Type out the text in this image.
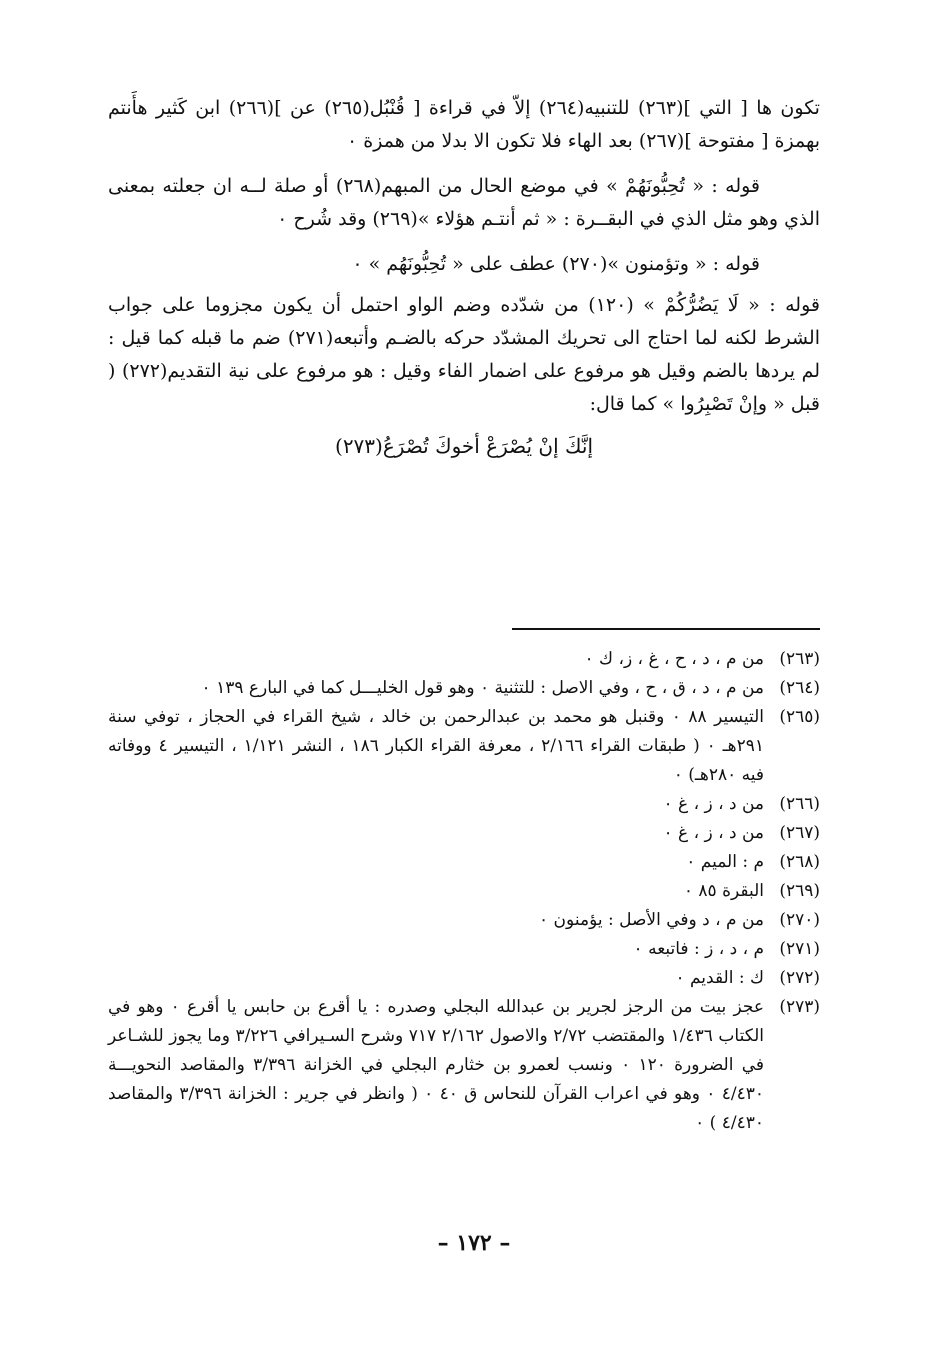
تكون ها [ التي ](٢٦٣) للتنبيه(٢٦٤) إلاّ في قراءة [ قُنْبُل(٢٦٥) عن ](٢٦٦) ابن كَثير هأَنتم بهمزة [ مفتوحة ](٢٦٧) بعد الهاء فلا تكون الا بدلا من همزة ٠

قوله : « تُحِبُّونَهُمْ » في موضع الحال من المبهم(٢٦٨) أو صلة لــه ان جعلته بمعنى الذي وهو مثل الذي في البقــرة : « ثم أنتـم هؤلاء »(٢٦٩) وقد شُرح ٠

قوله : « وتؤمنون »(٢٧٠) عطف على « تُحِبُّونَهُم » ٠

قوله : « لَا يَضُرُّكُمْ » (١٢٠) من شدّده وضم الواو احتمل أن يكون مجزوما على جواب الشرط لكنه لما احتاج الى تحريك المشدّد حركه بالضـم وأتبعه(٢٧١) ضم ما قبله كما قيل : لم يردها بالضم وقيل هو مرفوع على اضمار الفاء وقيل : هو مرفوع على نية التقديم(٢٧٢) ( قبل « وإنْ تَصْبِرُوا » كما قال:

إنَّكَ إنْ يُصْرَعْ أخوكَ تُصْرَعُ(٢٧٣)

(٢٦٣)
من م ، د ، ح ، غ ، ز، ك ٠
(٢٦٤)
من م ، د ، ق ، ح ، وفي الاصل : للتثنية ٠ وهو قول الخليـــل كما في البارع ١٣٩ ٠
(٢٦٥)
التيسير ٨٨ ٠ وقنبل هو محمد بن عبدالرحمن بن خالد ، شيخ القراء في الحجاز ، توفي سنة ٢٩١هـ ٠ ( طبقات القراء ٢/١٦٦ ، معرفة القراء الكبار ١٨٦ ، النشر ١/١٢١ ، التيسير ٤ ووفاته فيه ٢٨٠هـ) ٠
(٢٦٦)
من د ، ز ، غ ٠
(٢٦٧)
من د ، ز ، غ ٠
(٢٦٨)
م : الميم ٠
(٢٦٩)
البقرة ٨٥ ٠
(٢٧٠)
من م ، د وفي الأصل : يؤمنون ٠
(٢٧١)
م ، د ، ز : فاتبعه ٠
(٢٧٢)
ك : القديم ٠
(٢٧٣)
عجز بيت من الرجز لجرير بن عبدالله البجلي وصدره : يا أقرع بن حابس يا أقرع ٠ وهو في الكتاب ١/٤٣٦ والمقتضب ٢/٧٢ والاصول ٢/١٦٢ ٧١٧ وشرح السـيرافي ٣/٢٢٦ وما يجوز للشـاعر في الضرورة ١٢٠ ٠ ونسب لعمرو بن خثارم البجلي في الخزانة ٣/٣٩٦ والمقاصد النحويـــة ٤/٤٣٠ ٠ وهو في اعراب القرآن للنحاس ق ٤٠ ٠ ( وانظر في جرير : الخزانة ٣/٣٩٦ والمقاصد ٤/٤٣٠ ) ٠
– ١٧٢ –
